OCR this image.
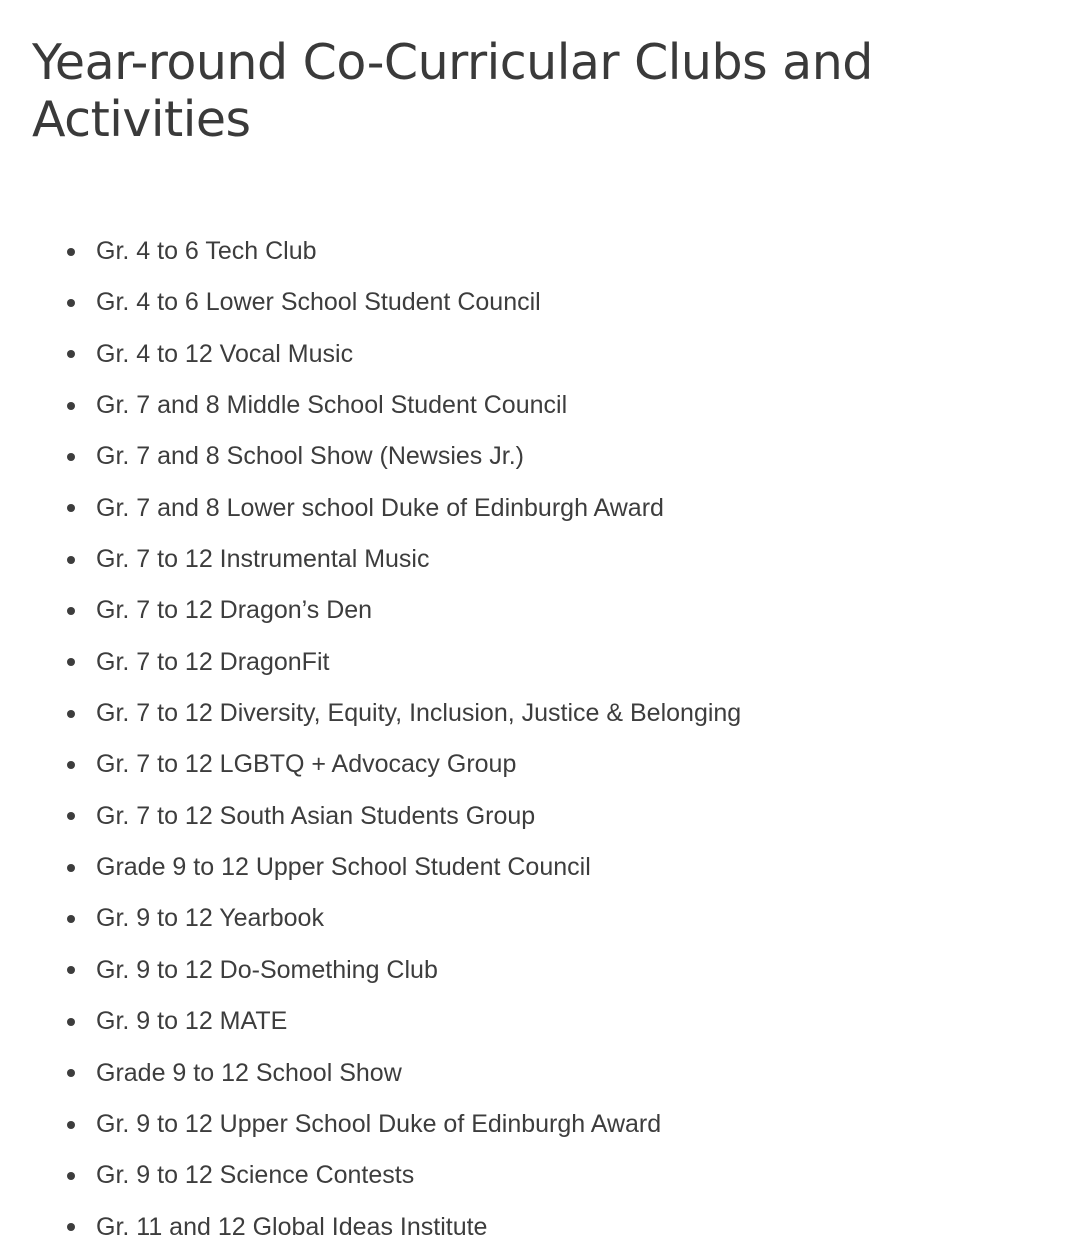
Year-round Co-Curricular Clubs and Activities
Gr. 4 to 6 Tech Club
Gr. 4 to 6 Lower School Student Council
Gr. 4 to 12 Vocal Music
Gr. 7 and 8 Middle School Student Council
Gr. 7 and 8 School Show (Newsies Jr.)
Gr. 7 and 8 Lower school Duke of Edinburgh Award
Gr. 7 to 12 Instrumental Music
Gr. 7 to 12 Dragon’s Den
Gr. 7 to 12 DragonFit
Gr. 7 to 12 Diversity, Equity, Inclusion, Justice & Belonging
Gr. 7 to 12 LGBTQ + Advocacy Group
Gr. 7 to 12 South Asian Students Group
Grade 9 to 12 Upper School Student Council
Gr. 9 to 12 Yearbook
Gr. 9 to 12 Do-Something Club
Gr. 9 to 12 MATE
Grade 9 to 12 School Show
Gr. 9 to 12 Upper School Duke of Edinburgh Award
Gr. 9 to 12 Science Contests
Gr. 11 and 12 Global Ideas Institute
